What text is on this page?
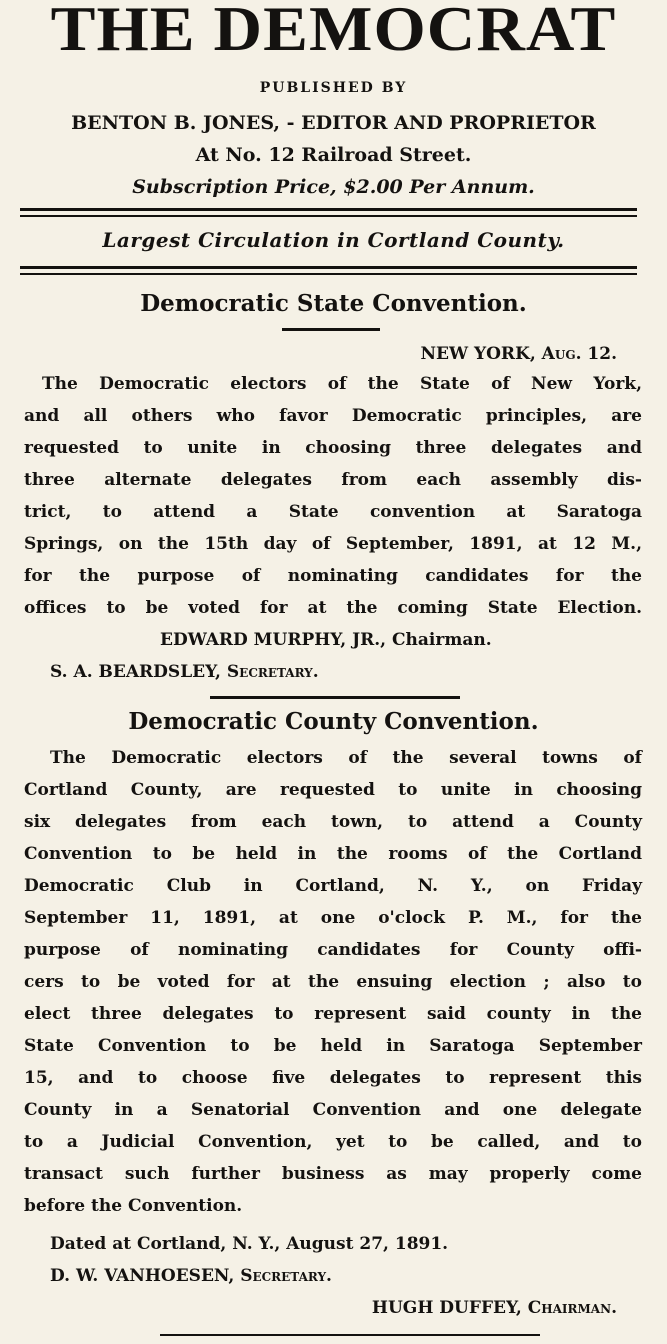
THE DEMOCRAT
PUBLISHED BY
BENTON B. JONES, - EDITOR AND PROPRIETOR
At No. 12 Railroad Street.
Subscription Price, $2.00 Per Annum.
Largest Circulation in Cortland County.
Democratic State Convention.
NEW YORK, Aug. 12.
The Democratic electors of the State of New York,
and all others who favor Democratic principles, are
requested to unite in choosing three delegates and
three alternate delegates from each assembly dis-
trict, to attend a State convention at Saratoga
Springs, on the 15th day of September, 1891, at 12 M.,
for the purpose of nominating candidates for the
offices to be voted for at the coming State Election.
EDWARD MURPHY, JR., Chairman.
S. A. BEARDSLEY, Secretary.
Democratic County Convention.
The Democratic electors of the several towns of
Cortland County, are requested to unite in choosing
six delegates from each town, to attend a County
Convention to be held in the rooms of the Cortland
Democratic Club in Cortland, N. Y., on Friday
September 11, 1891, at one o'clock P. M., for the
purpose of nominating candidates for County offi-
cers to be voted for at the ensuing election ; also to
elect three delegates to represent said county in the
State Convention to be held in Saratoga September
15, and to choose five delegates to represent this
County in a Senatorial Convention and one delegate
to a Judicial Convention, yet to be called, and to
transact such further business as may properly come
before the Convention.
Dated at Cortland, N. Y., August 27, 1891.
D. W. VANHOESEN, Secretary.
HUGH DUFFEY, Chairman.
